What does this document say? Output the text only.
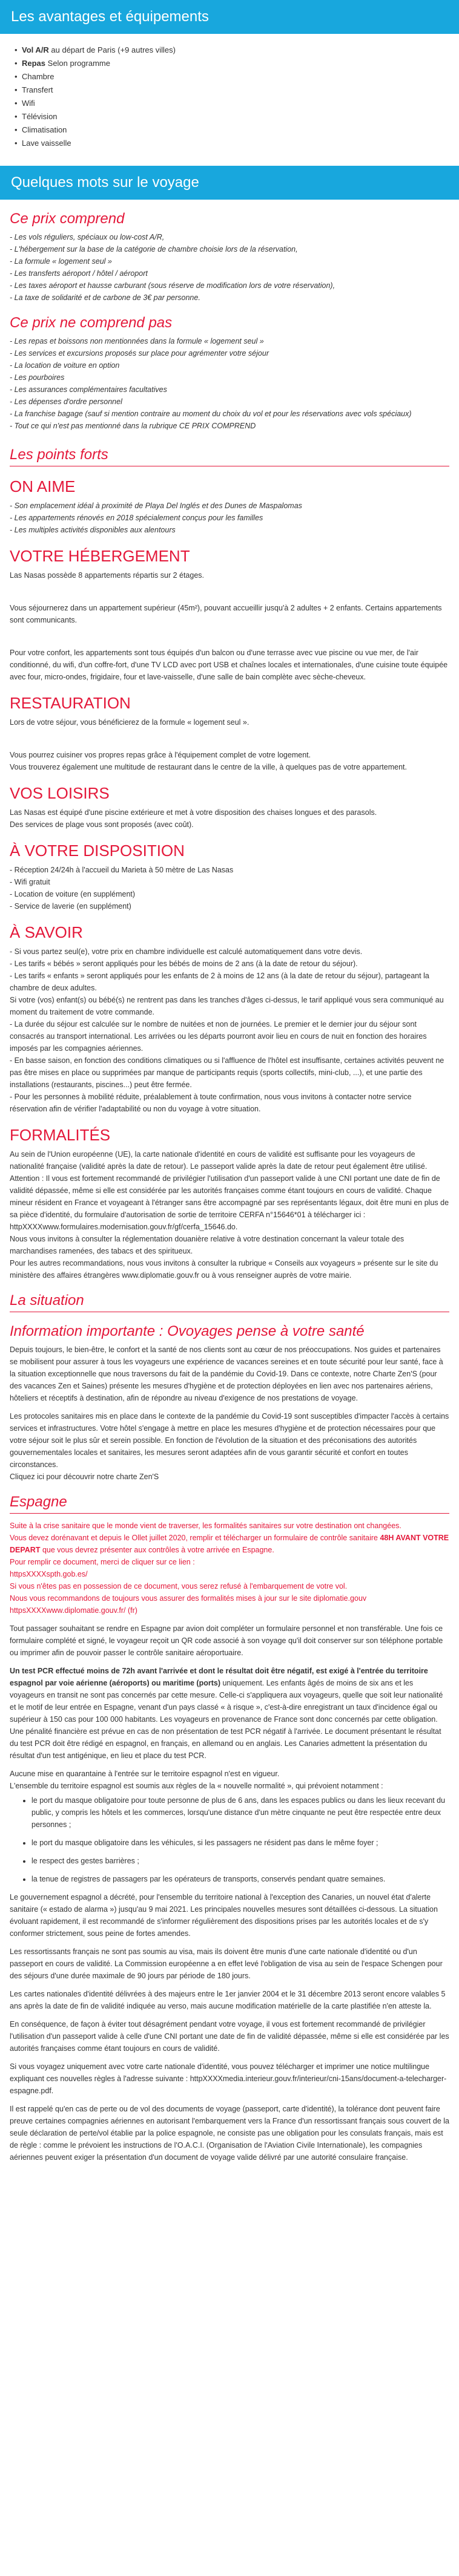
Les avantages et équipements
• Vol A/R au départ de Paris (+9 autres villes)
• Repas Selon programme
• Chambre
• Transfert
• Wifi
• Télévision
• Climatisation
• Lave vaisselle
Quelques mots sur le voyage
Ce prix comprend
- Les vols réguliers, spéciaux ou low-cost A/R,
- L'hébergement sur la base de la catégorie de chambre choisie lors de la réservation,
- La formule « logement seul »
- Les transferts aéroport / hôtel / aéroport
- Les taxes aéroport et hausse carburant (sous réserve de modification lors de votre réservation),
- La taxe de solidarité et de carbone de 3€ par personne.
Ce prix ne comprend pas
- Les repas et boissons non mentionnées dans la formule « logement seul »
- Les services et excursions proposés sur place pour agrémenter votre séjour
- La location de voiture en option
- Les pourboires
- Les assurances complémentaires facultatives
- Les dépenses d'ordre personnel
- La franchise bagage (sauf si mention contraire au moment du choix du vol et pour les réservations avec vols spéciaux)
- Tout ce qui n'est pas mentionné dans la rubrique CE PRIX COMPREND
Les points forts
ON AIME
- Son emplacement idéal à proximité de Playa Del Inglés et des Dunes de Maspalomas
- Les appartements rénovés en 2018 spécialement conçus pour les familles
- Les multiples activités disponibles aux alentours
VOTRE HÉBERGEMENT

Las Nasas possède 8 appartements répartis sur 2 étages.

Vous séjournerez dans un appartement supérieur (45m²), pouvant accueillir jusqu'à 2 adultes + 2 enfants. Certains appartements sont communicants.

Pour votre confort, les appartements sont tous équipés d'un balcon ou d'une terrasse avec vue piscine ou vue mer, de l'air conditionné, du wifi, d'un coffre-fort, d'une TV LCD avec port USB et chaînes locales et internationales, d'une cuisine toute équipée avec four, micro-ondes, frigidaire, four et lave-vaisselle, d'une salle de bain complète avec sèche-cheveux.

RESTAURATION

Lors de votre séjour, vous bénéficierez de la formule « logement seul ».

Vous pourrez cuisiner vos propres repas grâce à l'équipement complet de votre logement.

Vous trouverez également une multitude de restaurant dans le centre de la ville, à quelques pas de votre appartement.

VOS LOISIRS

Las Nasas est équipé d'une piscine extérieure et met à votre disposition des chaises longues et des parasols.

Des services de plage vous sont proposés (avec coût).

À VOTRE DISPOSITION
- Réception 24/24h à l'accueil du Marieta à 50 mètre de Las Nasas
- Wifi gratuit
- Location de voiture (en supplément)
- Service de laverie (en supplément)
À SAVOIR
- Si vous partez seul(e), votre prix en chambre individuelle est calculé automatiquement dans votre devis.
- Les tarifs « bébés » seront appliqués pour les bébés de moins de 2 ans (à la date de retour du séjour).
- Les tarifs « enfants » seront appliqués pour les enfants de 2 à moins de 12 ans (à la date de retour du séjour), partageant la chambre de deux adultes.
Si votre (vos) enfant(s) ou bébé(s) ne rentrent pas dans les tranches d'âges ci-dessus, le tarif appliqué vous sera communiqué au moment du traitement de votre commande.
- La durée du séjour est calculée sur le nombre de nuitées et non de journées. Le premier et le dernier jour du séjour sont consacrés au transport international. Les arrivées ou les départs pourront avoir lieu en cours de nuit en fonction des horaires imposés par les compagnies aériennes.
- En basse saison, en fonction des conditions climatiques ou si l'affluence de l'hôtel est insuffisante, certaines activités peuvent ne pas être mises en place ou supprimées par manque de participants requis (sports collectifs, mini-club, ...), et une partie des installations (restaurants, piscines...) peut être fermée.
- Pour les personnes à mobilité réduite, préalablement à toute confirmation, nous vous invitons à contacter notre service réservation afin de vérifier l'adaptabilité ou non du voyage à votre situation.
FORMALITÉS

Au sein de l'Union européenne (UE), la carte nationale d'identité en cours de validité est suffisante pour les voyageurs de nationalité française (validité après la date de retour). Le passeport valide après la date de retour peut également être utilisé. Attention : Il vous est fortement recommandé de privilégier l'utilisation d'un passeport valide à une CNI portant une date de fin de validité dépassée, même si elle est considérée par les autorités françaises comme étant toujours en cours de validité. Chaque mineur résident en France et voyageant à l'étranger sans être accompagné par ses représentants légaux, doit être muni en plus de sa pièce d'identité, du formulaire d'autorisation de sortie de territoire CERFA n°15646*01 à télécharger ici :

httpXXXXwww.formulaires.modernisation.gouv.fr/gf/cerfa_15646.do.

Nous vous invitons à consulter la réglementation douanière relative à votre destination concernant la valeur totale des marchandises ramenées, des tabacs et des spiritueux.

Pour les autres recommandations, nous vous invitons à consulter la rubrique « Conseils aux voyageurs » présente sur le site du ministère des affaires étrangères www.diplomatie.gouv.fr ou à vous renseigner auprès de votre mairie.

La situation
Information importante : Ovoyages pense à votre santé

Depuis toujours, le bien-être, le confort et la santé de nos clients sont au cœur de nos préoccupations. Nos guides et partenaires se mobilisent pour assurer à tous les voyageurs une expérience de vacances sereines et en toute sécurité pour leur santé, face à la situation exceptionnelle que nous traversons du fait de la pandémie du Covid-19. Dans ce contexte, notre Charte Zen'S (pour des vacances Zen et Saines) présente les mesures d'hygiène et de protection déployées en lien avec nos partenaires aériens, hôteliers et réceptifs à destination, afin de répondre au niveau d'exigence de nos prestations de voyage.

Les protocoles sanitaires mis en place dans le contexte de la pandémie du Covid-19 sont susceptibles d'impacter l'accès à certains services et infrastructures. Votre hôtel s'engage à mettre en place les mesures d'hygiène et de protection nécessaires pour que votre séjour soit le plus sûr et serein possible. En fonction de l'évolution de la situation et des préconisations des autorités gouvernementales locales et sanitaires, les mesures seront adaptées afin de vous garantir sécurité et confort en toutes circonstances.

Cliquez ici pour découvrir notre charte Zen'S

Espagne

Suite à la crise sanitaire que le monde vient de traverser, les formalités sanitaires sur votre destination ont changées.

Vous devez dorénavant et depuis le Ollet juillet 2020, remplir et télécharger un formulaire de contrôle sanitaire 48H AVANT VOTRE DEPART que vous devrez présenter aux contrôles à votre arrivée en Espagne.

Pour remplir ce document, merci de cliquer sur ce lien :

httpsXXXXspth.gob.es/

Si vous n'êtes pas en possession de ce document, vous serez refusé à l'embarquement de votre vol.

Nous vous recommandons de toujours vous assurer des formalités mises à jour sur le site diplomatie.gouv

httpsXXXXwww.diplomatie.gouv.fr/ (fr)

Tout passager souhaitant se rendre en Espagne par avion doit compléter un formulaire personnel et non transférable. Une fois ce formulaire complété et signé, le voyageur reçoit un QR code associé à son voyage qu'il doit conserver sur son téléphone portable ou imprimer afin de pouvoir passer le contrôle sanitaire aéroportuaire.

Un test PCR effectué moins de 72h avant l'arrivée et dont le résultat doit être négatif, est exigé à l'entrée du territoire espagnol par voie aérienne (aéroports) ou maritime (ports) uniquement. Les enfants âgés de moins de six ans et les voyageurs en transit ne sont pas concernés par cette mesure. Celle-ci s'appliquera aux voyageurs, quelle que soit leur nationalité et le motif de leur entrée en Espagne, venant d'un pays classé « à risque », c'est-à-dire enregistrant un taux d'incidence égal ou supérieur à 150 cas pour 100 000 habitants. Les voyageurs en provenance de France sont donc concernés par cette obligation. Une pénalité financière est prévue en cas de non présentation de test PCR négatif à l'arrivée. Le document présentant le résultat du test PCR doit être rédigé en espagnol, en français, en allemand ou en anglais. Les Canaries admettent la présentation du résultat d'un test antigénique, en lieu et place du test PCR.

Aucune mise en quarantaine à l'entrée sur le territoire espagnol n'est en vigueur.

L'ensemble du territoire espagnol est soumis aux règles de la « nouvelle normalité », qui prévoient notamment :

• le port du masque obligatoire pour toute personne de plus de 6 ans, dans les espaces publics ou dans les lieux recevant du public, y compris les hôtels et les commerces, lorsqu'une distance d'un mètre cinquante ne peut être respectée entre deux personnes ;
• le port du masque obligatoire dans les véhicules, si les passagers ne résident pas dans le même foyer ;
• le respect des gestes barrières ;
• la tenue de registres de passagers par les opérateurs de transports, conservés pendant quatre semaines.

Le gouvernement espagnol a décrété, pour l'ensemble du territoire national à l'exception des Canaries, un nouvel état d'alerte sanitaire (« estado de alarma ») jusqu'au 9 mai 2021. Les principales nouvelles mesures sont détaillées ci-dessous. La situation évoluant rapidement, il est recommandé de s'informer régulièrement des dispositions prises par les autorités locales et de s'y conformer strictement, sous peine de fortes amendes.

Les ressortissants français ne sont pas soumis au visa, mais ils doivent être munis d'une carte nationale d'identité ou d'un passeport en cours de validité. La Commission européenne a en effet levé l'obligation de visa au sein de l'espace Schengen pour des séjours d'une durée maximale de 90 jours par période de 180 jours.

Les cartes nationales d'identité délivrées à des majeurs entre le 1er janvier 2004 et le 31 décembre 2013 seront encore valables 5 ans après la date de fin de validité indiquée au verso, mais aucune modification matérielle de la carte plastifiée n'en atteste la.

En conséquence, de façon à éviter tout désagrément pendant votre voyage, il vous est fortement recommandé de privilégier l'utilisation d'un passeport valide à celle d'une CNI portant une date de fin de validité dépassée, même si elle est considérée par les autorités françaises comme étant toujours en cours de validité.

Si vous voyagez uniquement avec votre carte nationale d'identité, vous pouvez télécharger et imprimer une notice multilingue expliquant ces nouvelles règles à l'adresse suivante : httpXXXXmedia.interieur.gouv.fr/interieur/cni-15ans/document-a-telecharger-espagne.pdf.

Il est rappelé qu'en cas de perte ou de vol des documents de voyage (passeport, carte d'identité), la tolérance dont peuvent faire preuve certaines compagnies aériennes en autorisant l'embarquement vers la France d'un ressortissant français sous couvert de la seule déclaration de perte/vol établie par la police espagnole, ne consiste pas une obligation pour les consulats français, mais est de règle : comme le prévoient les instructions de l'O.A.C.I. (Organisation de l'Aviation Civile Internationale), les compagnies aériennes peuvent exiger la présentation d'un document de voyage valide délivré par une autorité consulaire française.
